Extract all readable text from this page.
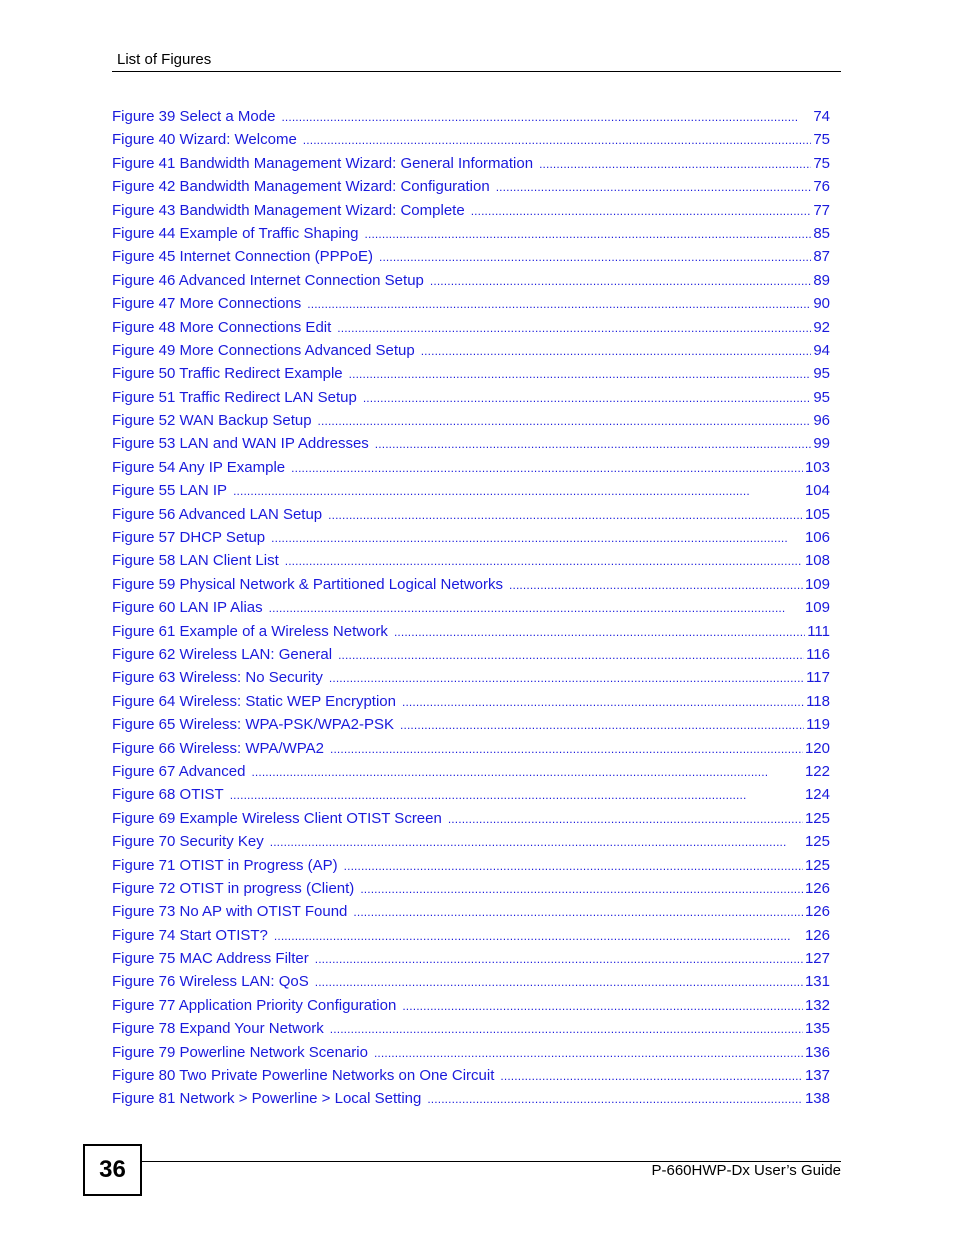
List of Figures
Figure 39 Select a Mode . . .	74
Figure 40 Wizard: Welcome . . .	75
Figure 41 Bandwidth Management Wizard: General Information . . .	75
Figure 42 Bandwidth Management Wizard: Configuration . . .	76
Figure 43 Bandwidth Management Wizard: Complete . . .	77
Figure 44 Example of Traffic Shaping . . .	85
Figure 45 Internet Connection (PPPoE) . . .	87
Figure 46 Advanced Internet Connection Setup . . .	89
Figure 47 More Connections . . .	90
Figure 48 More Connections Edit . . .	92
Figure 49 More Connections Advanced Setup . . .	94
Figure 50 Traffic Redirect Example . . .	95
Figure 51 Traffic Redirect LAN Setup . . .	95
Figure 52 WAN Backup Setup . . .	96
Figure 53 LAN and WAN IP Addresses . . .	99
Figure 54 Any IP Example . . .	103
Figure 55 LAN IP . . .	104
Figure 56 Advanced LAN Setup . . .	105
Figure 57 DHCP Setup . . .	106
Figure 58 LAN Client List . . .	108
Figure 59 Physical Network & Partitioned Logical Networks . . .	109
Figure 60 LAN IP Alias . . .	109
Figure 61 Example of a Wireless Network . . .	111
Figure 62 Wireless LAN: General . . .	116
Figure 63 Wireless: No Security . . .	117
Figure 64 Wireless: Static WEP Encryption . . .	118
Figure 65 Wireless: WPA-PSK/WPA2-PSK . . .	119
Figure 66 Wireless: WPA/WPA2 . . .	120
Figure 67 Advanced . . .	122
Figure 68 OTIST . . .	124
Figure 69 Example Wireless Client OTIST Screen . . .	125
Figure 70 Security Key . . .	125
Figure 71 OTIST in Progress (AP) . . .	125
Figure 72 OTIST in progress (Client) . . .	126
Figure 73 No AP with OTIST Found . . .	126
Figure 74 Start OTIST? . . .	126
Figure 75 MAC Address Filter . . .	127
Figure 76 Wireless LAN: QoS . . .	131
Figure 77 Application Priority Configuration . . .	132
Figure 78 Expand Your Network . . .	135
Figure 79 Powerline Network Scenario . . .	136
Figure 80 Two Private Powerline Networks on One Circuit . . .	137
Figure 81 Network > Powerline > Local Setting . . .	138
36	P-660HWP-Dx User’s Guide
